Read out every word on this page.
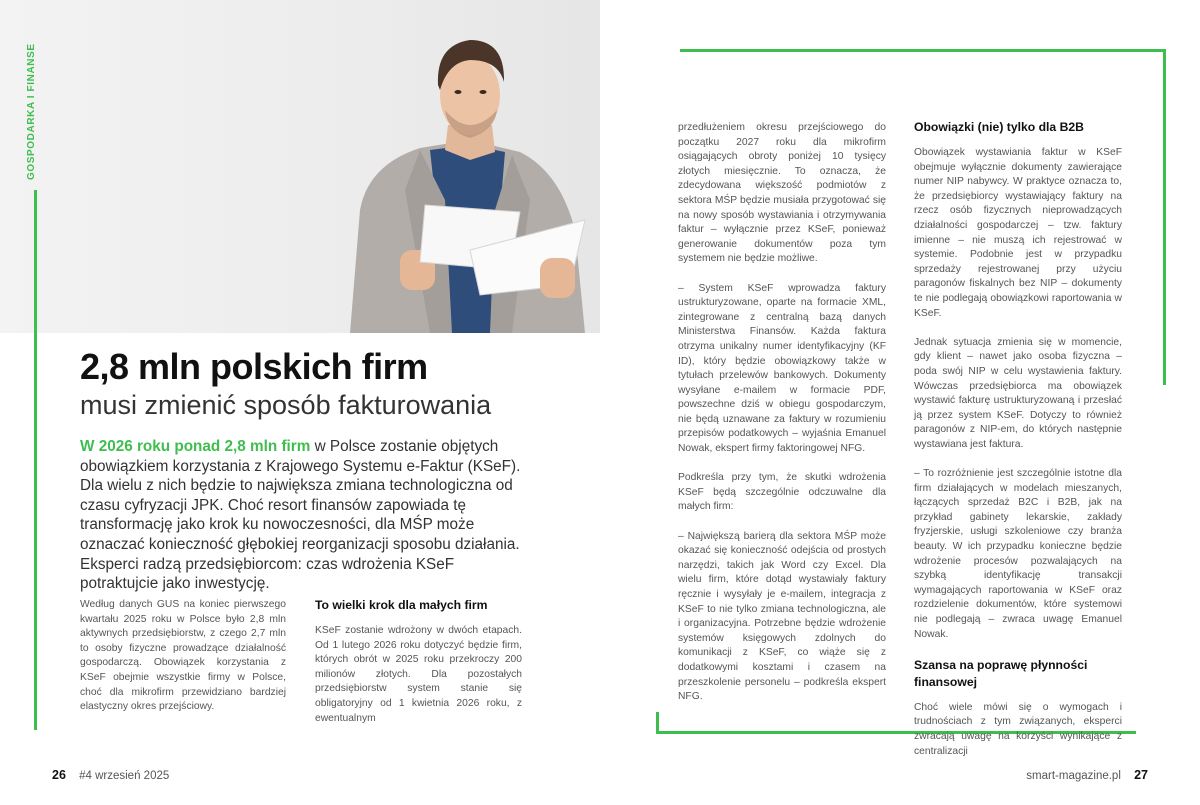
GOSPODARKA I FINANSE
2,8 mln polskich firm
musi zmienić sposób fakturowania
W 2026 roku ponad 2,8 mln firm w Polsce zostanie objętych obowiązkiem korzystania z Krajowego Systemu e-Faktur (KSeF). Dla wielu z nich będzie to największa zmiana technologiczna od czasu cyfryzacji JPK. Choć resort finansów zapowiada tę transformację jako krok ku nowoczesności, dla MŚP może oznaczać konieczność głębokiej reorganizacji sposobu działania. Eksperci radzą przedsiębiorcom: czas wdrożenia KSeF potraktujcie jako inwestycję.

Według danych GUS na koniec pierwszego kwartału 2025 roku w Polsce było 2,8 mln aktywnych przedsiębiorstw, z czego 2,7 mln to osoby fizyczne prowadzące działalność gospodarczą. Obowiązek korzystania z KSeF obejmie wszystkie firmy w Polsce, choć dla mikrofirm przewidziano bardziej elastyczny okres przejściowy.

To wielki krok dla małych firm

KSeF zostanie wdrożony w dwóch etapach. Od 1 lutego 2026 roku dotyczyć będzie firm, których obrót w 2025 roku przekroczy 200 milionów złotych. Dla pozostałych przedsiębiorstw system stanie się obligatoryjny od 1 kwietnia 2026 roku, z ewentualnym

przedłużeniem okresu przejściowego do początku 2027 roku dla mikrofirm osiągających obroty poniżej 10 tysięcy złotych miesięcznie. To oznacza, że zdecydowana większość podmiotów z sektora MŚP będzie musiała przygotować się na nowy sposób wystawiania i otrzymywania faktur – wyłącznie przez KSeF, ponieważ generowanie dokumentów poza tym systemem nie będzie możliwe.

– System KSeF wprowadza faktury ustrukturyzowane, oparte na formacie XML, zintegrowane z centralną bazą danych Ministerstwa Finansów. Każda faktura otrzyma unikalny numer identyfikacyjny (KF ID), który będzie obowiązkowy także w tytułach przelewów bankowych. Dokumenty wysyłane e-mailem w formacie PDF, powszechne dziś w obiegu gospodarczym, nie będą uznawane za faktury w rozumieniu przepisów podatkowych – wyjaśnia Emanuel Nowak, ekspert firmy faktoringowej NFG.

Podkreśla przy tym, że skutki wdrożenia KSeF będą szczególnie odczuwalne dla małych firm:

– Największą barierą dla sektora MŚP może okazać się konieczność odejścia od prostych narzędzi, takich jak Word czy Excel. Dla wielu firm, które dotąd wystawiały faktury ręcznie i wysyłały je e-mailem, integracja z KSeF to nie tylko zmiana technologiczna, ale i organizacyjna. Potrzebne będzie wdrożenie systemów księgowych zdolnych do komunikacji z KSeF, co wiąże się z dodatkowymi kosztami i czasem na przeszkolenie personelu – podkreśla ekspert NFG.

Obowiązki (nie) tylko dla B2B

Obowiązek wystawiania faktur w KSeF obejmuje wyłącznie dokumenty zawierające numer NIP nabywcy. W praktyce oznacza to, że przedsiębiorcy wystawiający faktury na rzecz osób fizycznych nieprowadzących działalności gospodarczej – tzw. faktury imienne – nie muszą ich rejestrować w systemie. Podobnie jest w przypadku sprzedaży rejestrowanej przy użyciu paragonów fiskalnych bez NIP – dokumenty te nie podlegają obowiązkowi raportowania w KSeF.

Jednak sytuacja zmienia się w momencie, gdy klient – nawet jako osoba fizyczna – poda swój NIP w celu wystawienia faktury. Wówczas przedsiębiorca ma obowiązek wystawić fakturę ustrukturyzowaną i przesłać ją przez system KSeF. Dotyczy to również paragonów z NIP-em, do których następnie wystawiana jest faktura.

– To rozróżnienie jest szczególnie istotne dla firm działających w modelach mieszanych, łączących sprzedaż B2C i B2B, jak na przykład gabinety lekarskie, zakłady fryzjerskie, usługi szkoleniowe czy branża beauty. W ich przypadku konieczne będzie wdrożenie procesów pozwalających na szybką identyfikację transakcji wymagających raportowania w KSeF oraz rozdzielenie dokumentów, które systemowi nie podlegają – zwraca uwagę Emanuel Nowak.

Szansa na poprawę płynności finansowej

Choć wiele mówi się o wymogach i trudnościach z tym związanych, eksperci zwracają uwagę na korzyści wynikające z centralizacji

26 #4 wrzesień 2025	smart-magazine.pl 27
